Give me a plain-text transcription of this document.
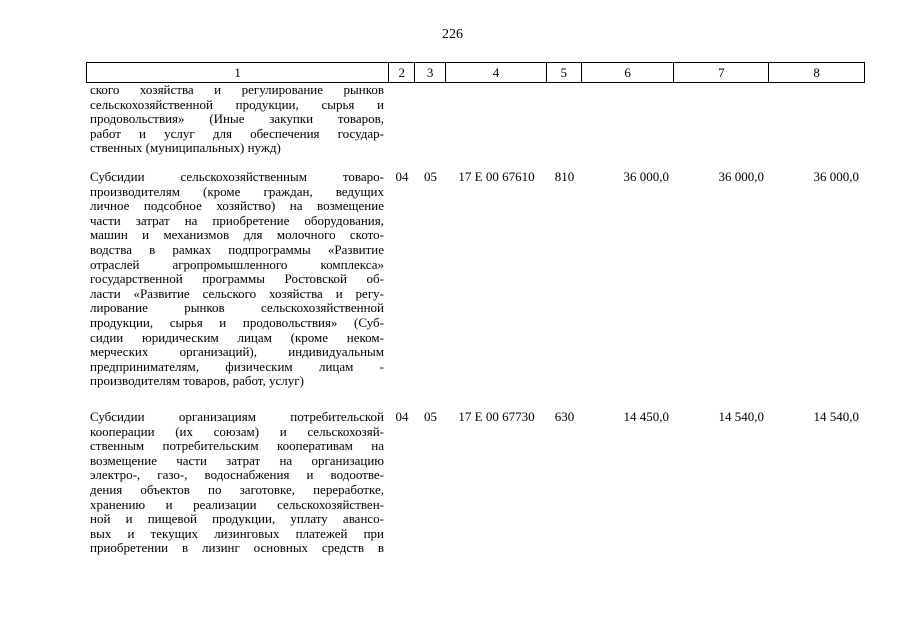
226
1	2	3	4	5	6	7	8
ского хозяйства и регулирование рынков
сельскохозяйственной продукции, сырья и
продовольствия» (Иные закупки товаров,
работ и услуг для обеспечения государ-
ственных (муниципальных) нужд)
Субсидии сельскохозяйственным товаро-
производителям (кроме граждан, ведущих
личное подсобное хозяйство) на возмещение
части затрат на приобретение оборудования,
машин и механизмов для молочного ското-
водства в рамках подпрограммы «Развитие
отраслей агропромышленного комплекса»
государственной программы Ростовской об-
ласти «Развитие сельского хозяйства и регу-
лирование рынков сельскохозяйственной
продукции, сырья и продовольствия» (Суб-
сидии юридическим лицам (кроме неком-
мерческих организаций), индивидуальным
предпринимателям, физическим лицам -
производителям товаров, работ, услуг)
04	05	17 Е 00 67610	810	36 000,0	36 000,0	36 000,0
Субсидии организациям потребительской
кооперации (их союзам) и сельскохозяй-
ственным потребительским кооперативам на
возмещение части затрат на организацию
электро-, газо-, водоснабжения и водоотве-
дения объектов по заготовке, переработке,
хранению и реализации сельскохозяйствен-
ной и пищевой продукции, уплату авансо-
вых и текущих лизинговых платежей при
приобретении в лизинг основных средств в
04	05	17 Е 00 67730	630	14 450,0	14 540,0	14 540,0
